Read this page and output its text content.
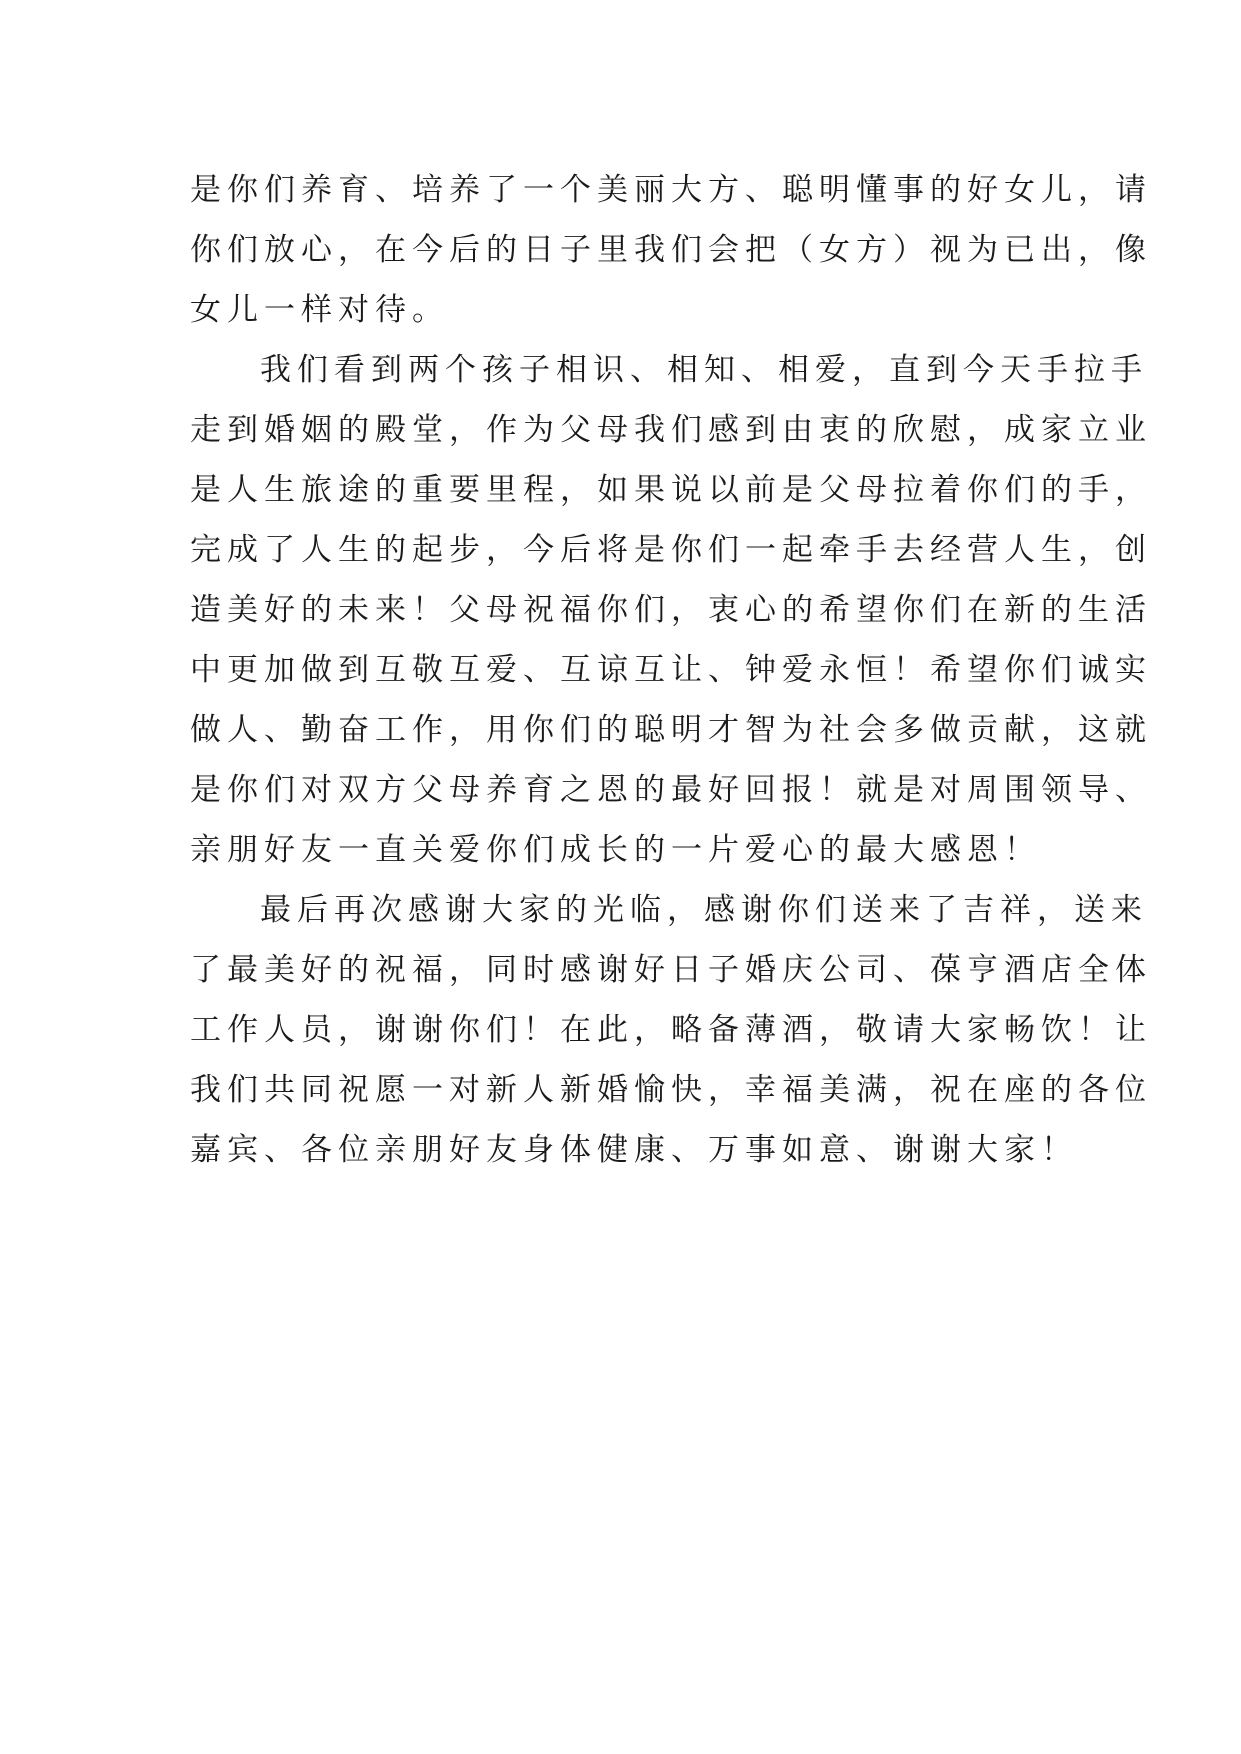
是你们养育、培养了一个美丽大方、聪明懂事的好女儿，请
你们放心，在今后的日子里我们会把（女方）视为已出，像
女儿一样对待。
我们看到两个孩子相识、相知、相爱，直到今天手拉手
走到婚姻的殿堂，作为父母我们感到由衷的欣慰，成家立业
是人生旅途的重要里程，如果说以前是父母拉着你们的手，
完成了人生的起步，今后将是你们一起牵手去经营人生，创
造美好的未来！父母祝福你们，衷心的希望你们在新的生活
中更加做到互敬互爱、互谅互让、钟爱永恒！希望你们诚实
做人、勤奋工作，用你们的聪明才智为社会多做贡献，这就
是你们对双方父母养育之恩的最好回报！就是对周围领导、
亲朋好友一直关爱你们成长的一片爱心的最大感恩！
最后再次感谢大家的光临，感谢你们送来了吉祥，送来
了最美好的祝福，同时感谢好日子婚庆公司、葆亨酒店全体
工作人员，谢谢你们！在此，略备薄酒，敬请大家畅饮！让
我们共同祝愿一对新人新婚愉快，幸福美满，祝在座的各位
嘉宾、各位亲朋好友身体健康、万事如意、谢谢大家！
